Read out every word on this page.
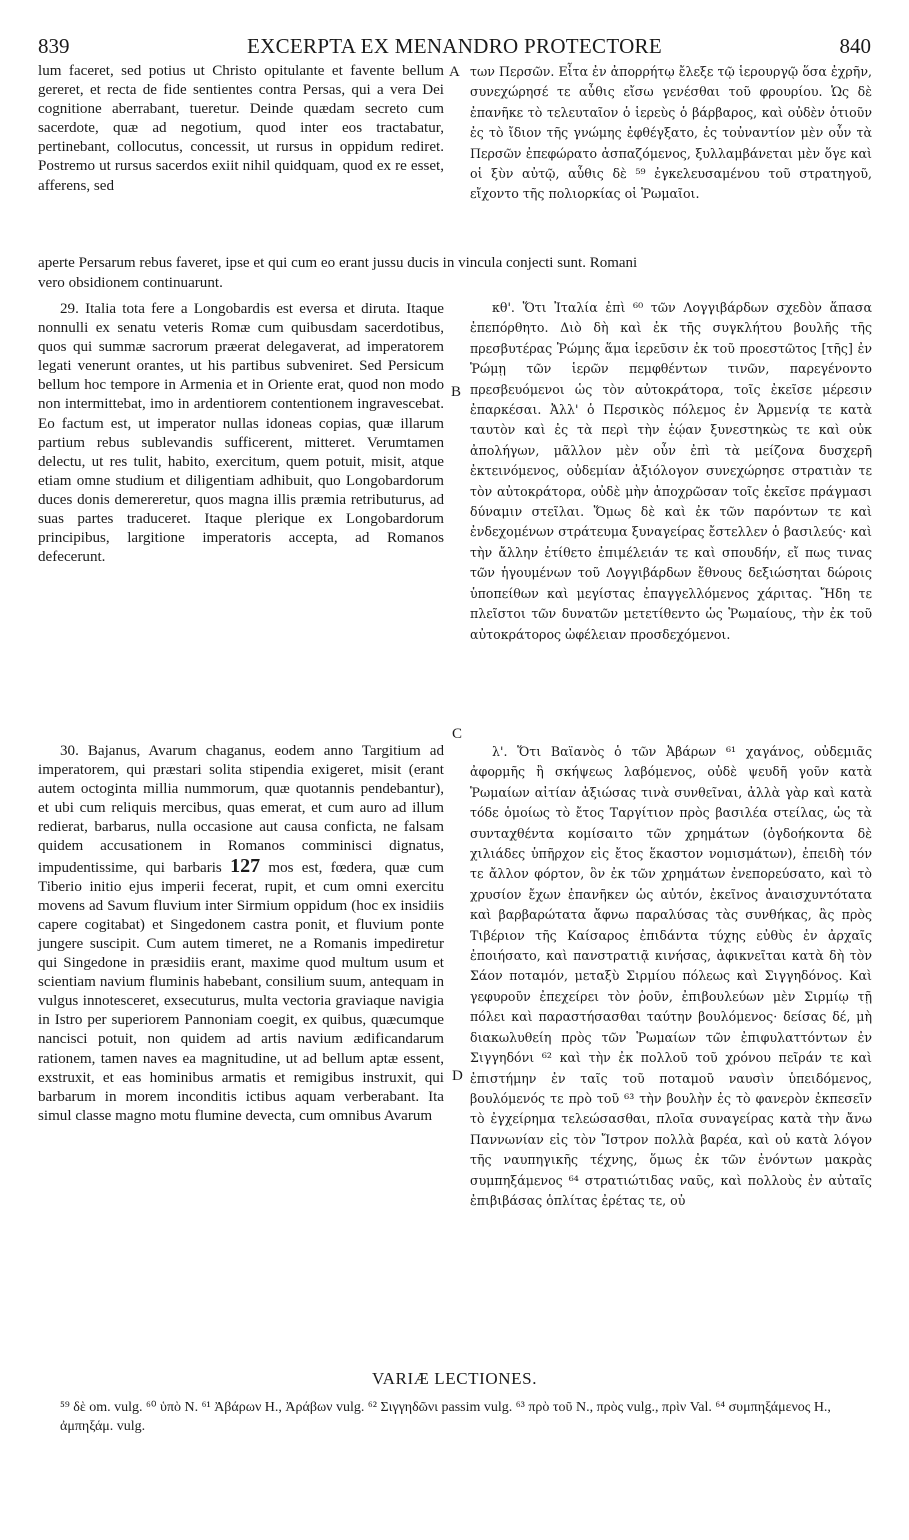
839	EXCERPTA EX MENANDRO PROTECTORE	840

lum faceret, sed potius ut Christo opitulante et favente bellum gereret, et recta de fide sentientes contra Persas, qui a vera Dei cognitione aberrabant, tueretur. Deinde quædam secreto cum sacerdote, quæ ad negotium, quod inter eos tractabatur, pertinebant, collocutus, concessit, ut rursus in oppidum rediret. Postremo ut rursus sacerdos exiit nihil quidquam, quod ex re esset, afferens, sed

A των Περσῶν. Εἶτα ἐν ἀπορρήτῳ ἔλεξε τῷ ἱερουργῷ ὅσα ἐχρῆν, συνεχώρησέ τε αὖθις εἴσω γενέσθαι τοῦ φρουρίου. Ὡς δὲ ἐπανῆκε τὸ τελευταῖον ὁ ἱερεὺς ὁ βάρβαρος, καὶ οὐδὲν ὁτιοῦν ἐς τὸ ἴδιον τῆς γνώμης ἐφθέγξατο, ἐς τοὐναντίον μὲν οὖν τὰ Περσῶν ἐπεφώρατο ἀσπαζόμενος, ξυλλαμβάνεται μὲν ὅγε καὶ οἱ ξὺν αὐτῷ, αὖθις δὲ ⁵⁹ ἐγκελευσαμένου τοῦ στρατηγοῦ, εἴχοντο τῆς πολιορκίας οἱ Ῥωμαῖοι.

aperte Persarum rebus faveret, ipse et qui cum eo erant jussu ducis in vincula conjecti sunt. Romani

vero obsidionem continuarunt.

29. Italia tota fere a Longobardis est eversa et diruta. Itaque nonnulli ex senatu veteris Romæ cum quibusdam sacerdotibus, quos qui summæ sacrorum præerat delegaverat, ad imperatorem legati venerunt orantes, ut his partibus subveniret. Sed Persicum bellum hoc tempore in Armenia et in Oriente erat, quod non modo non intermittebat, imo in ardentiorem contentionem ingravescebat. Eo factum est, ut imperator nullas idoneas copias, quæ illarum partium rebus sublevandis sufficerent, mitteret. Verumtamen delectu, ut res tulit, habito, exercitum, quem potuit, misit, atque etiam omne studium et diligentiam adhibuit, quo Longobardorum duces donis demereretur, quos magna illis præmia retributurus, ad suas partes traduceret. Itaque plerique ex Longobardorum principibus, largitione imperatoris accepta, ad Romanos defecerunt.

B

κθ'. Ὅτι Ἰταλία ἐπὶ ⁶⁰ τῶν Λογγιβάρδων σχεδὸν ἅπασα ἐπεπόρθητο. Διὸ δὴ καὶ ἐκ τῆς συγκλήτου βουλῆς τῆς πρεσβυτέρας Ῥώμης ἅμα ἱερεῦσιν ἐκ τοῦ προεστῶτος [τῆς] ἐν Ῥώμῃ τῶν ἱερῶν πεμφθέντων τινῶν, παρεγένοντο πρεσβευόμενοι ὡς τὸν αὐτοκράτορα, τοῖς ἐκεῖσε μέρεσιν ἐπαρκέσαι. Ἀλλ' ὁ Περσικὸς πόλεμος ἐν Ἀρμενίᾳ τε κατὰ ταυτὸν καὶ ἐς τὰ περὶ τὴν ἑῴαν ξυνεστηκὼς τε καὶ οὐκ ἀπολήγων, μᾶλλον μὲν οὖν ἐπὶ τὰ μείζονα δυσχερῆ ἐκτεινόμενος, οὐδεμίαν ἀξιόλογον συνεχώρησε στρατιὰν τε τὸν αὐτοκράτορα, οὐδὲ μὴν ἀποχρῶσαν τοῖς ἐκεῖσε πράγμασι δύναμιν στεῖλαι. Ὅμως δὲ καὶ ἐκ τῶν παρόντων τε καὶ ἐνδεχομένων στράτευμα ξυναγείρας ἔστελλεν ὁ βασιλεύς· καὶ τὴν ἄλλην ἐτίθετο ἐπιμέλειάν τε καὶ σπουδήν, εἴ πως τινας τῶν ἡγουμένων τοῦ Λογγιβάρδων ἔθνους δεξιώσηται δώροις ὑποπείθων καὶ μεγίστας ἐπαγγελλόμενος χάριτας. Ἤδη τε πλεῖστοι τῶν δυνατῶν μετετίθεντο ὡς Ῥωμαίους, τὴν ἐκ τοῦ αὐτοκράτορος ὠφέλειαν προσδεχόμενοι.

30. Bajanus, Avarum chaganus, eodem anno Targitium ad imperatorem, qui præstari solita stipendia exigeret, misit (erant autem octoginta millia nummorum, quæ quotannis pendebantur), et ubi cum reliquis mercibus, quas emerat, et cum auro ad illum redierat, barbarus, nulla occasione aut causa conficta, ne falsam quidem accusationem in Romanos comminisci dignatus, impudentissime, qui barbaris 127 mos est, fœdera, quæ cum Tiberio initio ejus imperii fecerat, rupit, et cum omni exercitu movens ad Savum fluvium inter Sirmium oppidum (hoc ex insidiis capere cogitabat) et Singedonem castra ponit, et fluvium ponte jungere suscipit. Cum autem timeret, ne a Romanis impediretur qui Singedone in præsidiis erant, maxime quod multum usum et scientiam navium fluminis habebant, consilium suum, antequam in vulgus innotesceret, exsecuturus, multa vectoria graviaque navigia in Istro per superiorem Pannoniam coegit, ex quibus, quæcumque nancisci potuit, non quidem ad artis navium ædificandarum rationem, tamen naves ea magnitudine, ut ad bellum aptæ essent, exstruxit, et eas hominibus armatis et remigibus instruxit, qui barbarum in morem inconditis ictibus aquam verberabant. Ita simul classe magno motu flumine devecta, cum omnibus Avarum

C
D

λ'. Ὅτι Βαϊανὸς ὁ τῶν Ἀβάρων ⁶¹ χαγάνος, οὐδεμιᾶς ἀφορμῆς ἢ σκήψεως λαβόμενος, οὐδὲ ψευδῆ γοῦν κατὰ Ῥωμαίων αἰτίαν ἀξιώσας τινὰ συνθεῖναι, ἀλλὰ γὰρ καὶ κατὰ τόδε ὁμοίως τὸ ἔτος Ταργίτιον πρὸς βασιλέα στείλας, ὡς τὰ συνταχθέντα κομίσαιτο τῶν χρημάτων (ὀγδοήκοντα δὲ χιλιάδες ὑπῆρχον εἰς ἔτος ἕκαστον νομισμάτων), ἐπειδὴ τόν τε ἄλλον φόρτον, ὃν ἐκ τῶν χρημάτων ἐνεπορεύσατο, καὶ τὸ χρυσίον ἔχων ἐπανῆκεν ὡς αὐτόν, ἐκεῖνος ἀναισχυντότατα καὶ βαρβαρώτατα ἄφνω παραλύσας τὰς συνθήκας, ἃς πρὸς Τιβέριον τῆς Καίσαρος ἐπιδάντα τύχης εὐθὺς ἐν ἀρχαῖς ἐποιήσατο, καὶ πανστρατιᾷ κινήσας, ἀφικνεῖται κατὰ δὴ τὸν Σάον ποταμόν, μεταξὺ Σιρμίου πόλεως καὶ Σιγγηδόνος. Καὶ γεφυροῦν ἐπεχείρει τὸν ῥοῦν, ἐπιβουλεύων μὲν Σιρμίῳ τῇ πόλει καὶ παραστήσασθαι ταύτην βουλόμενος· δείσας δέ, μὴ διακωλυθείη πρὸς τῶν Ῥωμαίων τῶν ἐπιφυλαττόντων ἐν Σιγγηδόνι ⁶² καὶ τὴν ἐκ πολλοῦ τοῦ χρόνου πεῖράν τε καὶ ἐπιστήμην ἐν ταῖς τοῦ ποταμοῦ ναυσὶν ὑπειδόμενος, βουλόμενός τε πρὸ τοῦ ⁶³ τὴν βουλὴν ἐς τὸ φανερὸν ἐκπεσεῖν τὸ ἐγχείρημα τελεώσασθαι, πλοῖα συναγείρας κατὰ τὴν ἄνω Παννωνίαν εἰς τὸν Ἴστρον πολλὰ βαρέα, καὶ οὐ κατὰ λόγον τῆς ναυπηγικῆς τέχνης, ὅμως ἐκ τῶν ἐνόντων μακρὰς συμπηξάμενος ⁶⁴ στρατιώτιδας ναῦς, καὶ πολλοὺς ἐν αὐταῖς ἐπιβιβάσας ὁπλίτας ἐρέτας τε, οὐ

VARIÆ LECTIONES.

⁵⁹ δὲ om. vulg. ⁶⁰ ὑπὸ N. ⁶¹ Ἀβάρων H., Ἀράβων vulg. ⁶² Σιγγηδῶνι passim vulg. ⁶³ πρὸ τοῦ N., πρὸς vulg., πρὶν Val. ⁶⁴ συμπηξάμενος H., ἀμπηξάμ. vulg.
